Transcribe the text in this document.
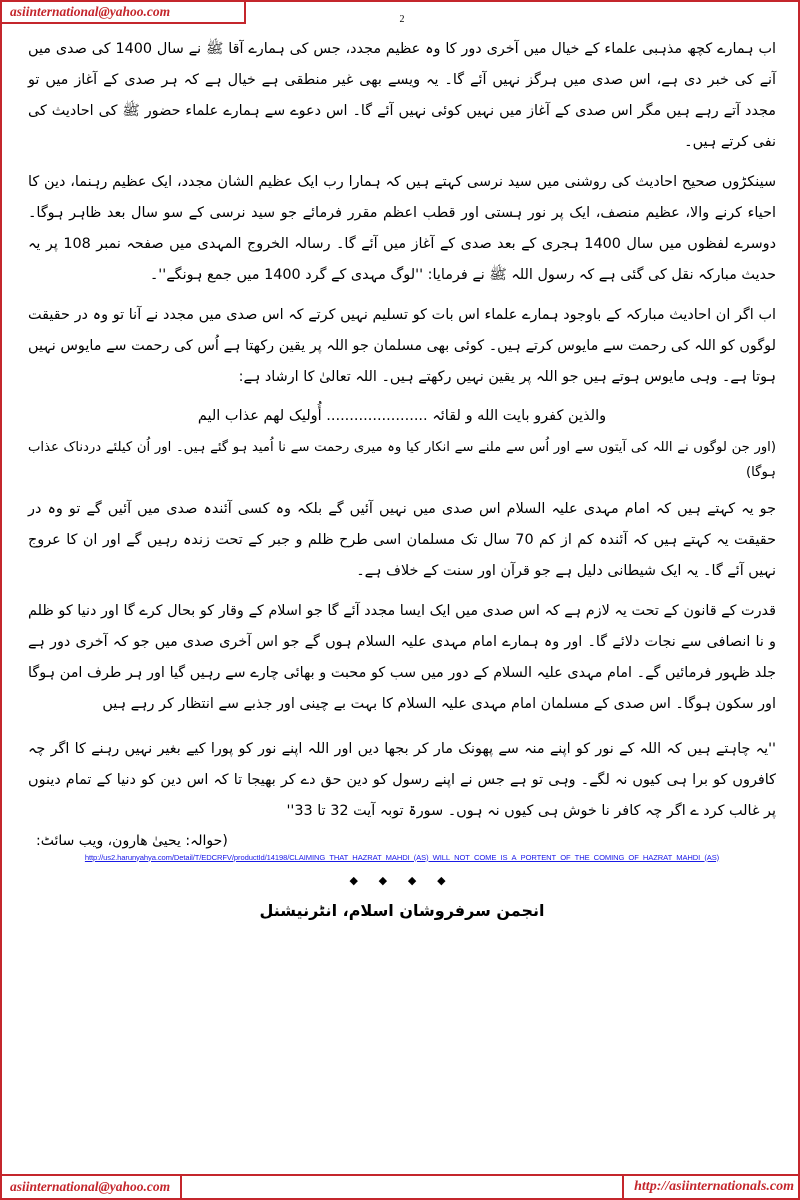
asiinternational@yahoo.com
2

اب ہمارے کچھ مذہبی علماء کے خیال میں آخری دور کا وہ عظیم مجدد، جس کی ہمارے آقا ﷺ نے سال 1400 کی صدی میں آنے کی خبر دی ہے، اس صدی میں ہرگز نہیں آئے گا۔ یہ ویسے بھی غیر منطقی ہے خیال ہے کہ ہر صدی کے آغاز میں تو مجدد آتے رہے ہیں مگر اس صدی کے آغاز میں نہیں کوئی نہیں آئے گا۔ اس دعوے سے ہمارے علماء حضور ﷺ کی احادیث کی نفی کرتے ہیں۔

سینکڑوں صحیح احادیث کی روشنی میں سید نرسی کہتے ہیں کہ ہمارا رب ایک عظیم الشان مجدد، ایک عظیم رہنما، دین کا احیاء کرنے والا، عظیم منصف، ایک پر نور ہستی اور قطب اعظم مقرر فرمائے جو سید نرسی کے سو سال بعد ظاہر ہوگا۔ دوسرے لفظوں میں سال 1400 ہجری کے بعد صدی کے آغاز میں آئے گا۔ رسالہ الخروج المہدی میں صفحہ نمبر 108 پر یہ حدیث مبارکہ نقل کی گئی ہے کہ رسول اللہ ﷺ نے فرمایا: ''لوگ مہدی کے گرد 1400 میں جمع ہونگے''۔

اب اگر ان احادیث مبارکہ کے باوجود ہمارے علماء اس بات کو تسلیم نہیں کرتے کہ اس صدی میں مجدد نے آنا تو وہ در حقیقت لوگوں کو اللہ کی رحمت سے مایوس کرتے ہیں۔ کوئی بھی مسلمان جو اللہ پر یقین رکھتا ہے اُس کی رحمت سے مایوس نہیں ہوتا ہے۔ وہی مایوس ہوتے ہیں جو اللہ پر یقین نہیں رکھتے ہیں۔ اللہ تعالیٰ کا ارشاد ہے:

والذین کفرو بایت الله و لقائہ ...................... أُولیک لھم عذاب الیم

(اور جن لوگوں نے اللہ کی آیتوں سے اور اُس سے ملنے سے انکار کیا وہ میری رحمت سے نا اُمید ہو گئے ہیں۔ اور اُن کیلئے دردناک عذاب ہوگا)

جو یہ کہتے ہیں کہ امام مہدی علیہ السلام اس صدی میں نہیں آئیں گے بلکہ وہ کسی آئندہ صدی میں آئیں گے تو وہ در حقیقت یہ کہتے ہیں کہ آئندہ کم از کم 70 سال تک مسلمان اسی طرح ظلم و جبر کے تحت زندہ رہیں گے اور ان کا عروج نہیں آئے گا۔ یہ ایک شیطانی دلیل ہے جو قرآن اور سنت کے خلاف ہے۔

قدرت کے قانون کے تحت یہ لازم ہے کہ اس صدی میں ایک ایسا مجدد آئے گا جو اسلام کے وقار کو بحال کرے گا اور دنیا کو ظلم و نا انصافی سے نجات دلائے گا۔ اور وہ ہمارے امام مہدی علیہ السلام ہوں گے جو اس آخری صدی میں جو کہ آخری دور ہے جلد ظہور فرمائیں گے۔ امام مہدی علیہ السلام کے دور میں سب کو محبت و بھائی چارے سے رہیں گیا اور ہر طرف امن ہوگا اور سکون ہوگا۔ اس صدی کے مسلمان امام مہدی علیہ السلام کا بہت بے چینی اور جذبے سے انتظار کر رہے ہیں

''یہ چاہتے ہیں کہ اللہ کے نور کو اپنے منہ سے پھونک مار کر بجھا دیں اور اللہ اپنے نور کو پورا کیے بغیر نہیں رہنے کا اگر چہ کافروں کو برا ہی کیوں نہ لگے۔ وہی تو ہے جس نے اپنے رسول کو دین حق دے کر بھیجا تا کہ اس دین کو دنیا کے تمام دینوں پر غالب کرد ے اگر چہ کافر نا خوش ہی کیوں نہ ہوں۔ سورۃ توبہ آیت 32 تا 33''

(حوالہ: یحییٰ ھارون، ویب سائٹ:

http://us2.harunyahya.com/Detail/T/EDCRFV/productId/14198/CLAIMING_THAT_HAZRAT_MAHDI_(AS)_WILL_NOT_COME_IS_A_PORTENT_OF_THE_COMING_OF_HAZRAT_MAHDI_(AS)
◆ ◆ ◆ ◆
انجمن سرفروشان اسلام، انٹرنیشنل
asiinternational@yahoo.com	http://asiinternationals.com
